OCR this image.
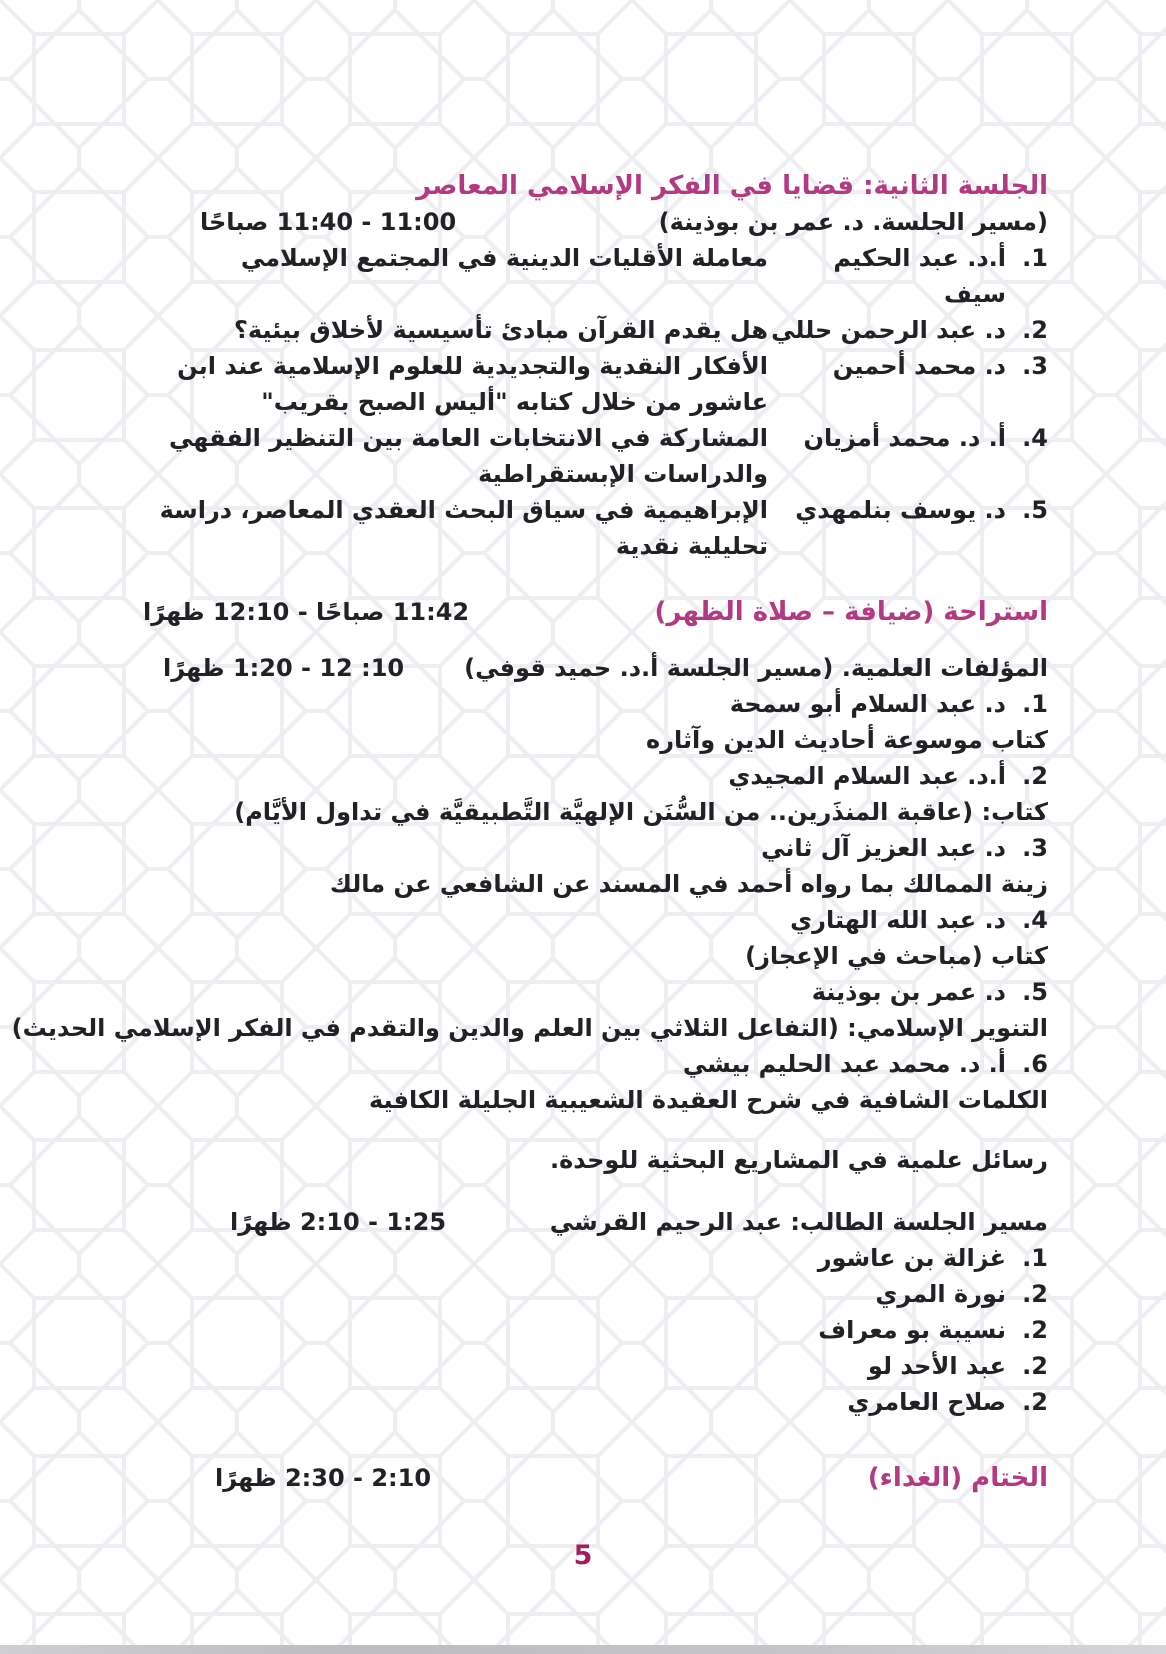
الجلسة الثانية: قضايا في الفكر الإسلامي المعاصر
(مسير الجلسة. د. عمر بن بوذينة)
11:00 - 11:40 صباحًا
1.
أ.د. عبد الحكيم سيف
معاملة الأقليات الدينية في المجتمع الإسلامي
2.
د. عبد الرحمن حللي
هل يقدم القرآن مبادئ تأسيسية لأخلاق بيئية؟
3.
د. محمد أحمين
الأفكار النقدية والتجديدية للعلوم الإسلامية عند ابن عاشور من خلال كتابه "أليس الصبح بقريب"
4.
أ. د. محمد أمزيان
المشاركة في الانتخابات العامة بين التنظير الفقهي والدراسات الإبستقراطية
5.
د. يوسف بنلمهدي
الإبراهيمية في سياق البحث العقدي المعاصر، دراسة تحليلية نقدية
استراحة (ضيافة – صلاة الظهر)
11:42 صباحًا - 12:10 ظهرًا
المؤلفات العلمية. (مسير الجلسة أ.د. حميد قوفي)
10: 12 - 1:20 ظهرًا
1.
د. عبد السلام أبو سمحة
كتاب موسوعة أحاديث الدين وآثاره
2.
أ.د. عبد السلام المجيدي
كتاب: (عاقبة المنذَرين.. من السُّنَن الإلهيَّة التَّطبيقيَّة في تداول الأيَّام)
3.
د. عبد العزيز آل ثاني
زينة الممالك بما رواه أحمد في المسند عن الشافعي عن مالك
4.
د. عبد الله الهتاري
كتاب (مباحث في الإعجاز)
5.
د. عمر بن بوذينة
التنوير الإسلامي: (التفاعل الثلاثي بين العلم والدين والتقدم في الفكر الإسلامي الحديث)
6.
أ. د. محمد عبد الحليم بيشي
الكلمات الشافية في شرح العقيدة الشعيبية الجليلة الكافية
رسائل علمية في المشاريع البحثية للوحدة.
مسير الجلسة الطالب: عبد الرحيم القرشي
1:25 - 2:10 ظهرًا
1.
غزالة بن عاشور
2.
نورة المري
2.
نسيبة بو معراف
2.
عبد الأحد لو
2.
صلاح العامري
الختام (الغداء)
2:10 - 2:30 ظهرًا
5
